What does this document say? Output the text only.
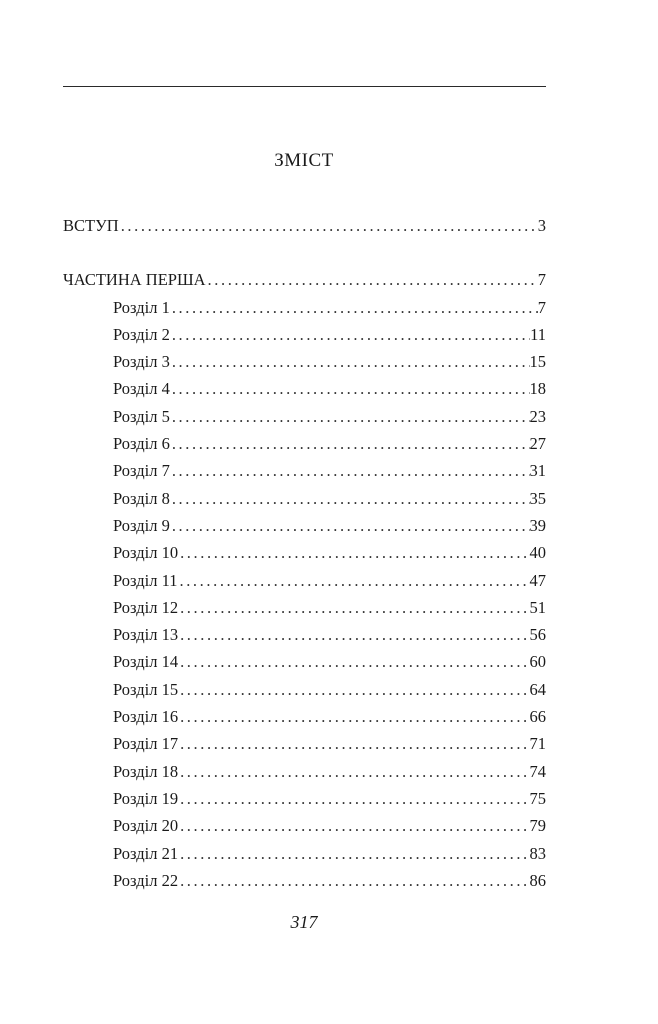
ЗМІСТ
ВСТУП .....	3
ЧАСТИНА ПЕРША .....	7
Розділ 1 .....	7
Розділ 2 .....	11
Розділ 3 .....	15
Розділ 4 .....	18
Розділ 5 .....	23
Розділ 6 .....	27
Розділ 7 .....	31
Розділ 8 .....	35
Розділ 9 .....	39
Розділ 10 .....	40
Розділ 11 .....	47
Розділ 12 .....	51
Розділ 13 .....	56
Розділ 14 .....	60
Розділ 15 .....	64
Розділ 16 .....	66
Розділ 17 .....	71
Розділ 18 .....	74
Розділ 19 .....	75
Розділ 20 .....	79
Розділ 21 .....	83
Розділ 22 .....	86
317
